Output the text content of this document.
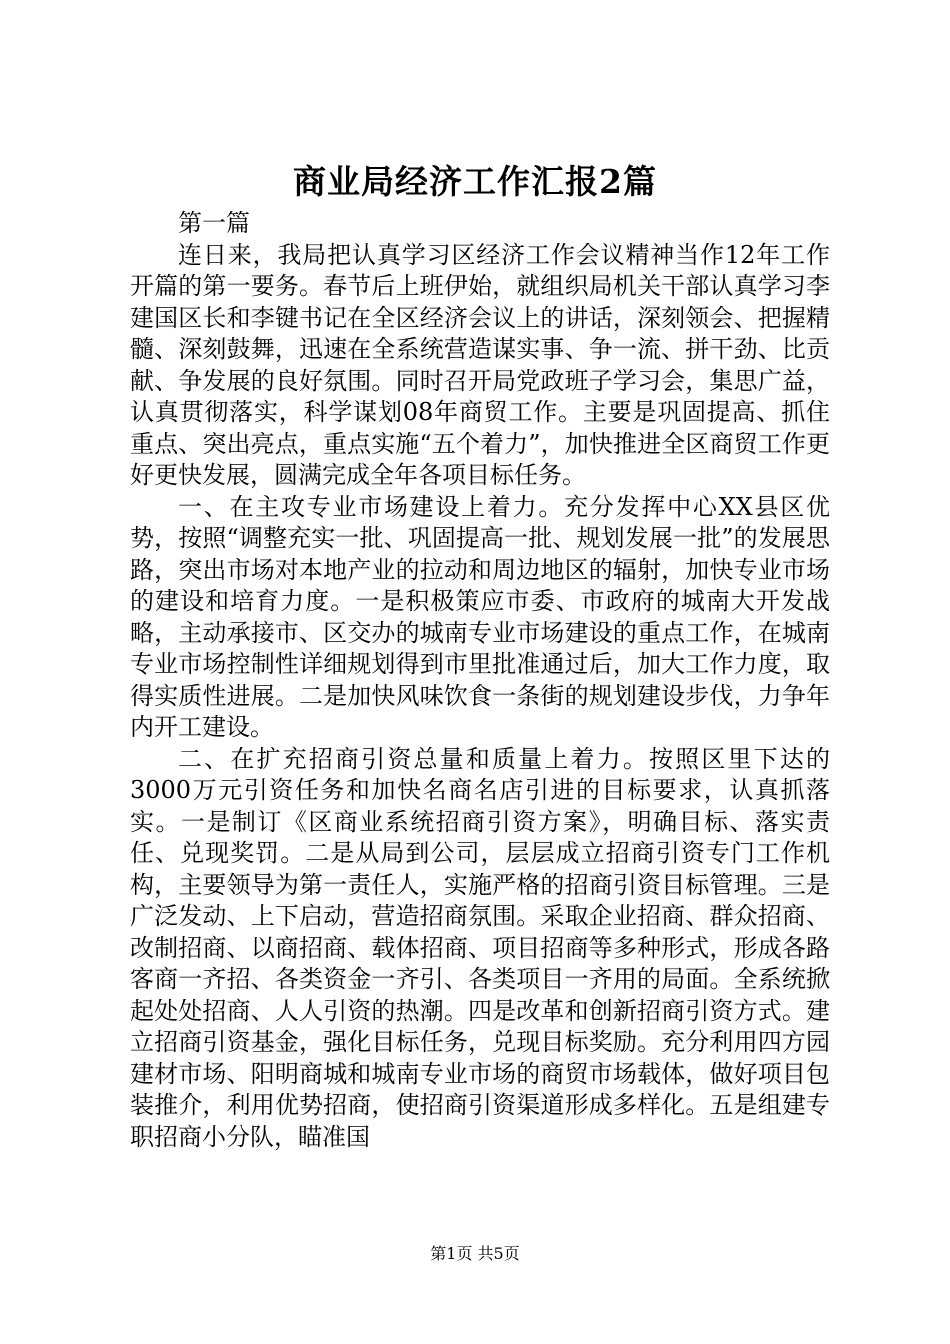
商业局经济工作汇报2篇

第一篇

连日来，我局把认真学习区经济工作会议精神当作12年工作开篇的第一要务。春节后上班伊始，就组织局机关干部认真学习李建国区长和李键书记在全区经济会议上的讲话，深刻领会、把握精髓、深刻鼓舞，迅速在全系统营造谋实事、争一流、拼干劲、比贡献、争发展的良好氛围。同时召开局党政班子学习会，集思广益，认真贯彻落实，科学谋划08年商贸工作。主要是巩固提高、抓住重点、突出亮点，重点实施“五个着力”，加快推进全区商贸工作更好更快发展，圆满完成全年各项目标任务。

一、在主攻专业市场建设上着力。充分发挥中心XX县区优势，按照“调整充实一批、巩固提高一批、规划发展一批”的发展思路，突出市场对本地产业的拉动和周边地区的辐射，加快专业市场的建设和培育力度。一是积极策应市委、市政府的城南大开发战略，主动承接市、区交办的城南专业市场建设的重点工作，在城南专业市场控制性详细规划得到市里批准通过后，加大工作力度，取得实质性进展。二是加快风味饮食一条街的规划建设步伐，力争年内开工建设。

二、在扩充招商引资总量和质量上着力。按照区里下达的3000万元引资任务和加快名商名店引进的目标要求，认真抓落实。一是制订《区商业系统招商引资方案》，明确目标、落实责任、兑现奖罚。二是从局到公司，层层成立招商引资专门工作机构，主要领导为第一责任人，实施严格的招商引资目标管理。三是广泛发动、上下启动，营造招商氛围。采取企业招商、群众招商、改制招商、以商招商、载体招商、项目招商等多种形式，形成各路客商一齐招、各类资金一齐引、各类项目一齐用的局面。全系统掀起处处招商、人人引资的热潮。四是改革和创新招商引资方式。建立招商引资基金，强化目标任务，兑现目标奖励。充分利用四方园建材市场、阳明商城和城南专业市场的商贸市场载体，做好项目包装推介，利用优势招商，使招商引资渠道形成多样化。五是组建专职招商小分队，瞄准国

第1页 共5页
